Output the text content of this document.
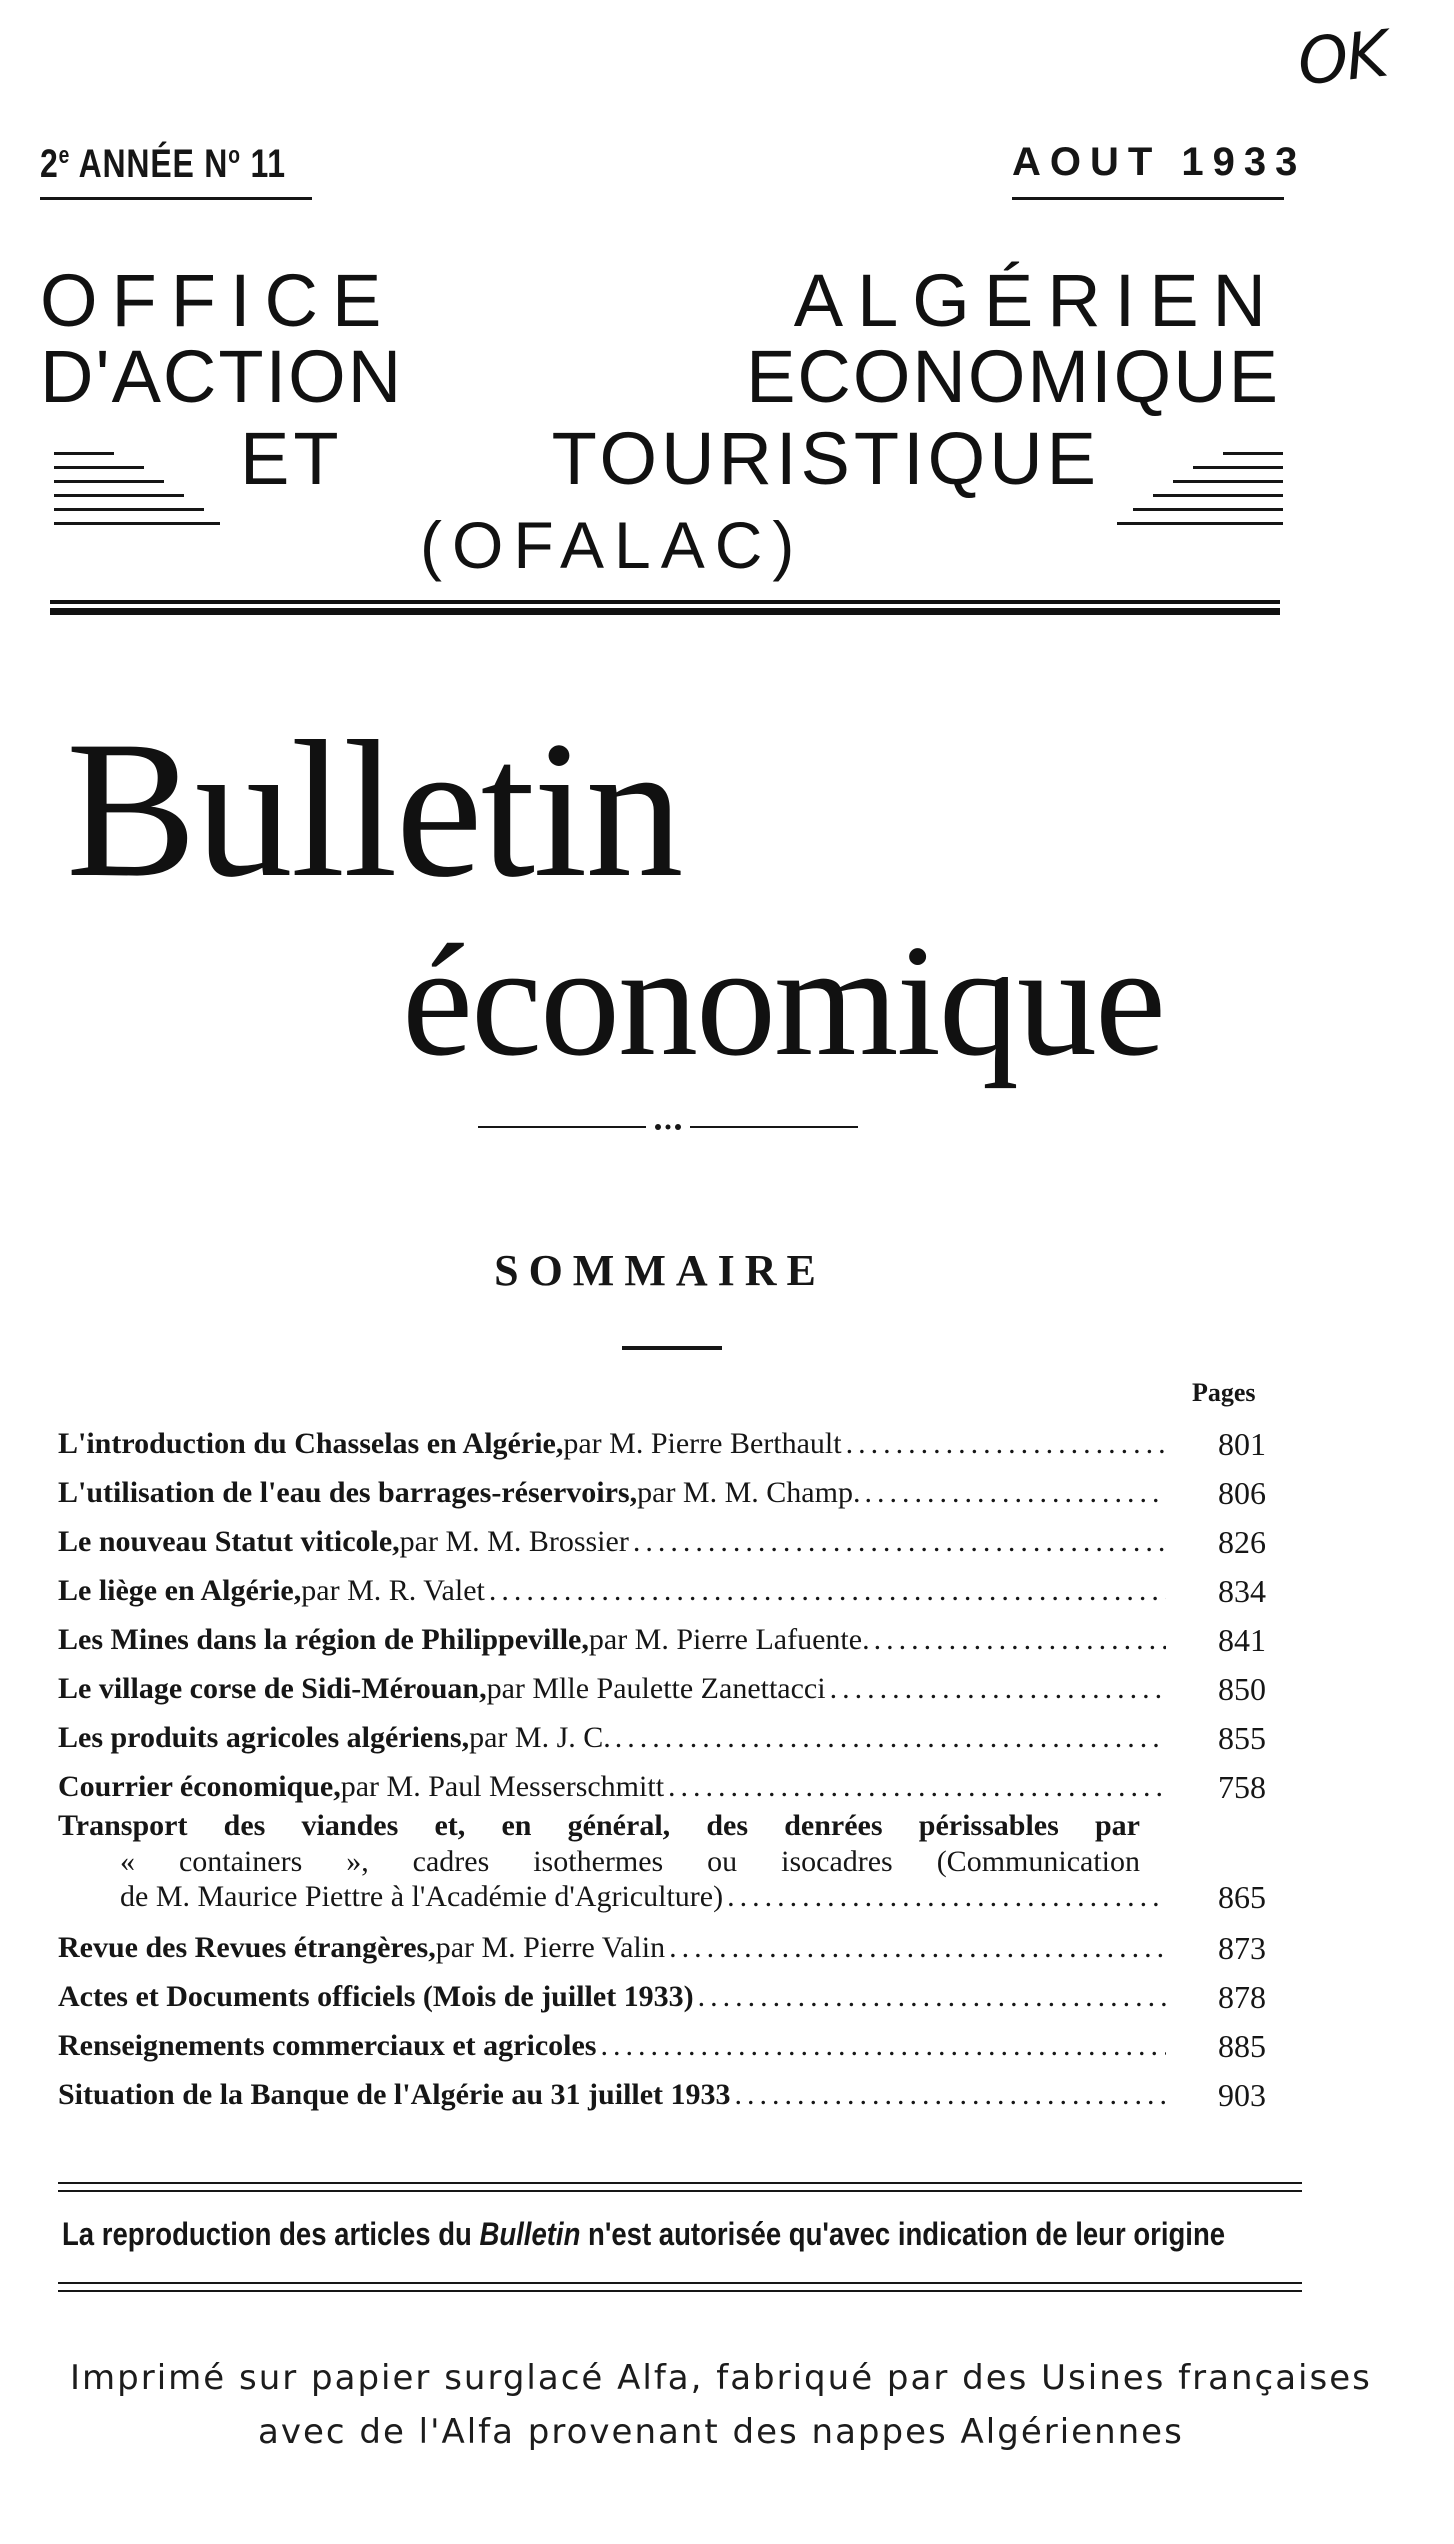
OK
2e ANNÉE $N^o$ 11	AOUT 1933
OFFICE ALGÉRIEN
D'ACTION ECONOMIQUE
ET TOURISTIQUE
(OFALAC)
Bulletin
économique
SOMMAIRE
Pages
L'introduction du Chasselas en Algérie, par M. Pierre Berthault .....	801
L'utilisation de l'eau des barrages-réservoirs, par M. M. Champ. .....	806
Le nouveau Statut viticole, par M. M. Brossier .....	826
Le liège en Algérie, par M. R. Valet .....	834
Les Mines dans la région de Philippeville, par M. Pierre Lafuente. .....	841
Le village corse de Sidi-Mérouan, par Mlle Paulette Zanettacci .....	850
Les produits agricoles algériens, par M. J. C. .....	855
Courrier économique, par M. Paul Messerschmitt .....	758
Transport des viandes et, en général, des denrées périssables par
« containers », cadres isothermes ou isocadres (Communication
de M. Maurice Piettre à l'Académie d'Agriculture) .....	865
Revue des Revues étrangères, par M. Pierre Valin .....	873
Actes et Documents officiels (Mois de juillet 1933) .....	878
Renseignements commerciaux et agricoles .....	885
Situation de la Banque de l'Algérie au 31 juillet 1933 .....	903
La reproduction des articles du Bulletin n'est autorisée qu'avec indication de leur origine
Imprimé sur papier surglacé Alfa, fabriqué par des Usines françaises
avec de l'Alfa provenant des nappes Algériennes
